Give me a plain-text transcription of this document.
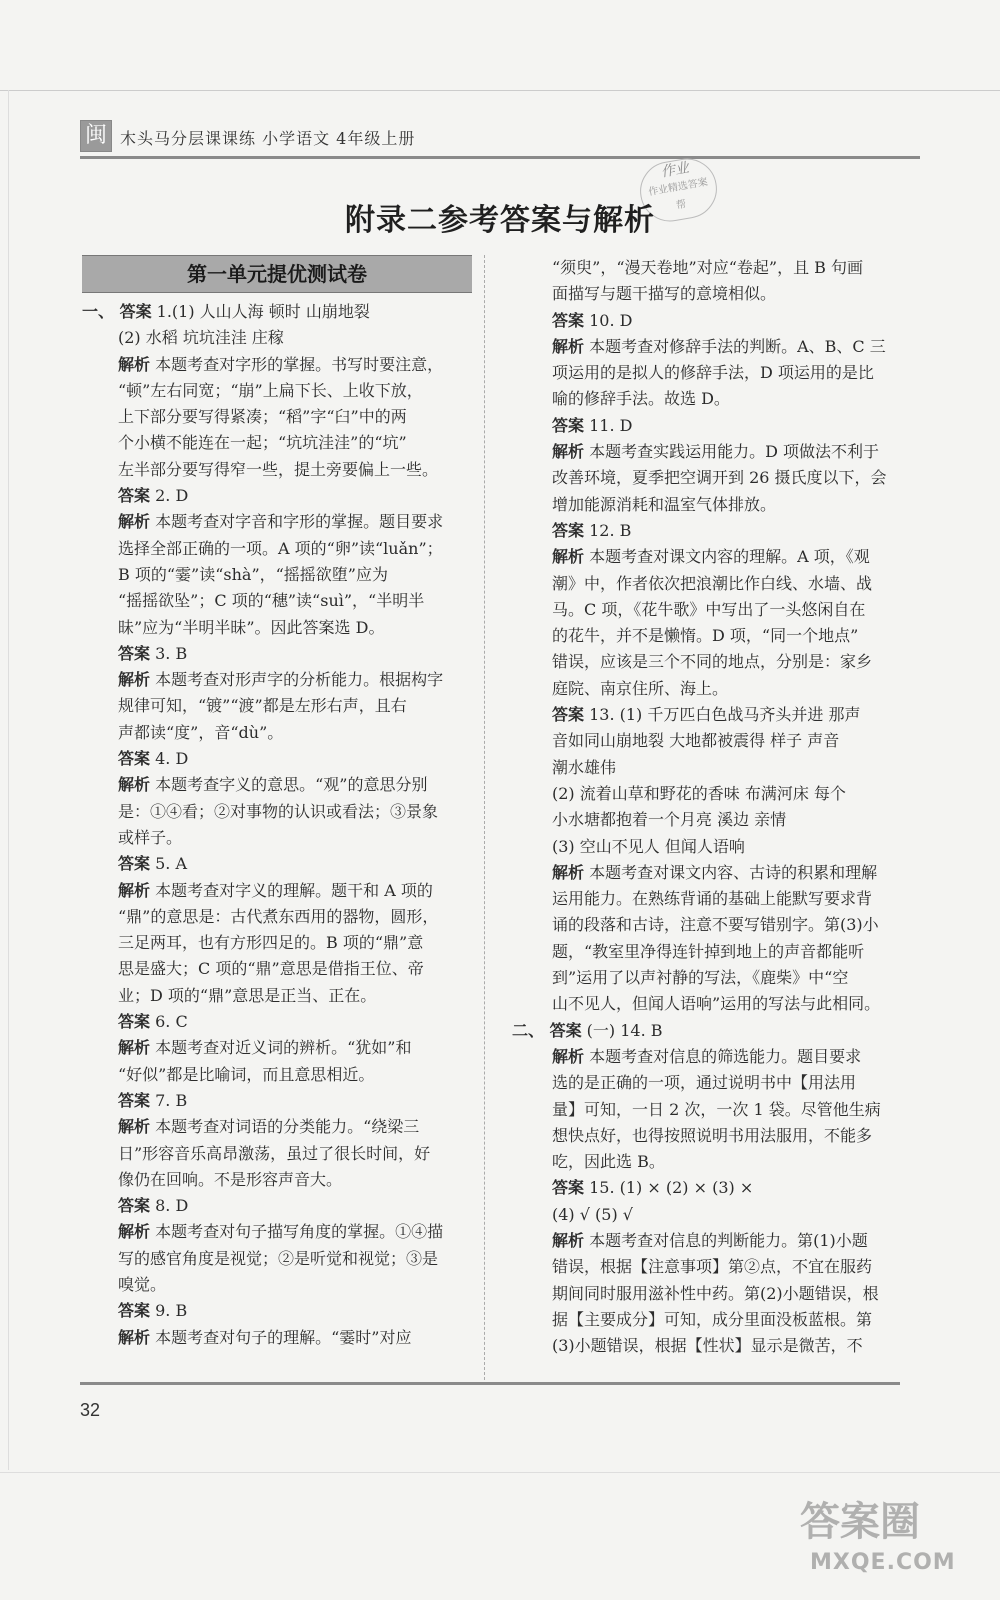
闽 木头马分层课课练 小学语文 4年级上册
作业
作业精选答案
帮
附录二参考答案与解析
第一单元提优测试卷
一、 答案 1.(1) 人山人海 顿时 山崩地裂
(2) 水稻 坑坑洼洼 庄稼
解析 本题考查对字形的掌握。书写时要注意，
“顿”左右同宽；“崩”上扁下长、上收下放，
上下部分要写得紧凑；“稻”字“臼”中的两
个小横不能连在一起；“坑坑洼洼”的“坑”
左半部分要写得窄一些，提土旁要偏上一些。
答案 2. D
解析 本题考查对字音和字形的掌握。题目要求
选择全部正确的一项。A 项的“卵”读“luǎn”；
B 项的“霎”读“shà”，“摇摇欲堕”应为
“摇摇欲坠”；C 项的“穗”读“suì”，“半明半
昧”应为“半明半昧”。因此答案选 D。
答案 3. B
解析 本题考查对形声字的分析能力。根据构字
规律可知，“镀”“渡”都是左形右声，且右
声都读“度”，音“dù”。
答案 4. D
解析 本题考查字义的意思。“观”的意思分别
是：①④看；②对事物的认识或看法；③景象
或样子。
答案 5. A
解析 本题考查对字义的理解。题干和 A 项的
“鼎”的意思是：古代煮东西用的器物，圆形，
三足两耳，也有方形四足的。B 项的“鼎”意
思是盛大；C 项的“鼎”意思是借指王位、帝
业；D 项的“鼎”意思是正当、正在。
答案 6. C
解析 本题考查对近义词的辨析。“犹如”和
“好似”都是比喻词，而且意思相近。
答案 7. B
解析 本题考查对词语的分类能力。“绕梁三
日”形容音乐高昂激荡，虽过了很长时间，好
像仍在回响。不是形容声音大。
答案 8. D
解析 本题考查对句子描写角度的掌握。①④描
写的感官角度是视觉；②是听觉和视觉；③是
嗅觉。
答案 9. B
解析 本题考查对句子的理解。“霎时”对应
“须臾”，“漫天卷地”对应“卷起”，且 B 句画
面描写与题干描写的意境相似。
答案 10. D
解析 本题考查对修辞手法的判断。A、B、C 三
项运用的是拟人的修辞手法，D 项运用的是比
喻的修辞手法。故选 D。
答案 11. D
解析 本题考查实践运用能力。D 项做法不利于
改善环境，夏季把空调开到 26 摄氏度以下，会
增加能源消耗和温室气体排放。
答案 12. B
解析 本题考查对课文内容的理解。A 项，《观
潮》中，作者依次把浪潮比作白线、水墙、战
马。C 项，《花牛歌》中写出了一头悠闲自在
的花牛，并不是懒惰。D 项，“同一个地点”
错误，应该是三个不同的地点，分别是：家乡
庭院、南京住所、海上。
答案 13. (1) 千万匹白色战马齐头并进 那声
音如同山崩地裂 大地都被震得 样子 声音
潮水雄伟
(2) 流着山草和野花的香味 布满河床 每个
小水塘都抱着一个月亮 溪边 亲情
(3) 空山不见人 但闻人语响
解析 本题考查对课文内容、古诗的积累和理解
运用能力。在熟练背诵的基础上能默写要求背
诵的段落和古诗，注意不要写错别字。第(3)小
题，“教室里净得连针掉到地上的声音都能听
到”运用了以声衬静的写法，《鹿柴》中“空
山不见人，但闻人语响”运用的写法与此相同。
二、 答案 (一) 14. B
解析 本题考查对信息的筛选能力。题目要求
选的是正确的一项，通过说明书中【用法用
量】可知，一日 2 次，一次 1 袋。尽管他生病
想快点好，也得按照说明书用法服用，不能多
吃，因此选 B。
答案 15. (1) × (2) × (3) ×
(4) √ (5) √
解析 本题考查对信息的判断能力。第(1)小题
错误，根据【注意事项】第②点，不宜在服药
期间同时服用滋补性中药。第(2)小题错误，根
据【主要成分】可知，成分里面没板蓝根。第
(3)小题错误，根据【性状】显示是微苦，不
32
答案圈
MXQE.COM
